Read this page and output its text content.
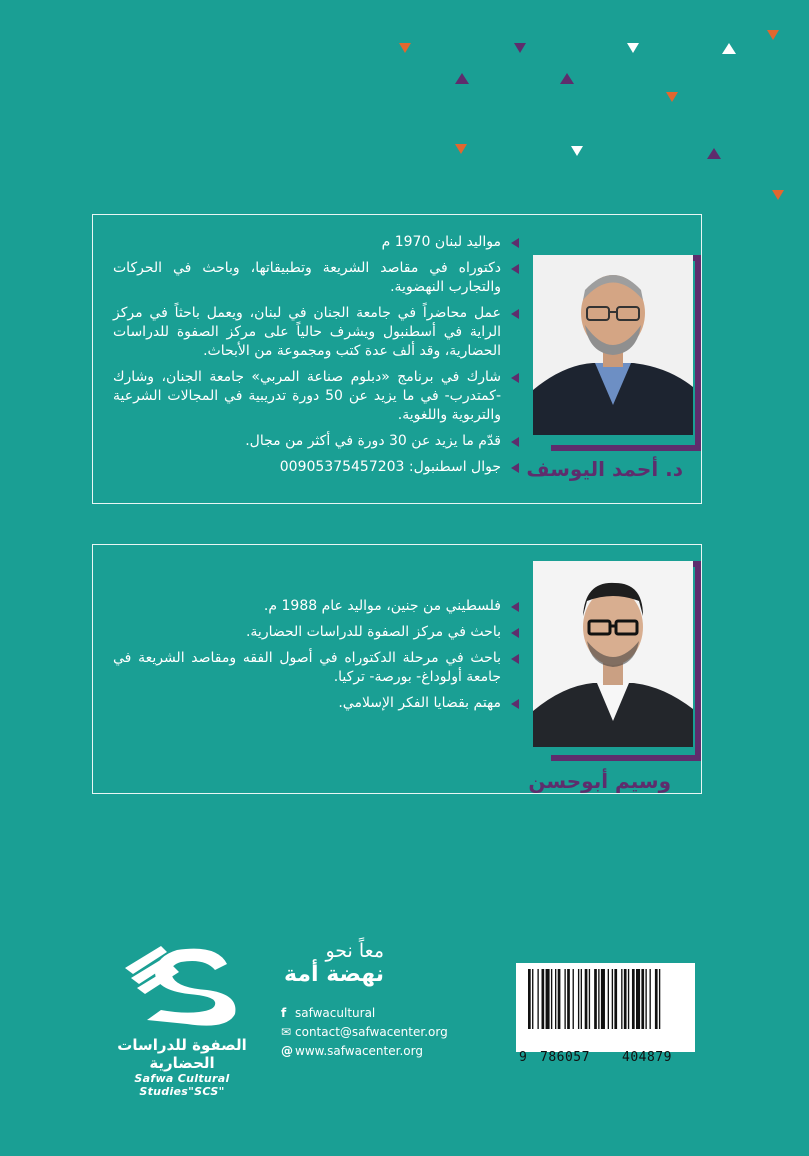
د. أحمد اليوسف
مواليد لبنان 1970 م
دكتوراه في مقاصد الشريعة وتطبيقاتها، وباحث في الحركات والتجارب النهضوية.
عمل محاضراً في جامعة الجنان في لبنان، ويعمل باحثاً في مركز الراية في أسطنبول ويشرف حالياً على مركز الصفوة للدراسات الحضارية، وقد ألف عدة كتب ومجموعة من الأبحاث.
شارك في برنامج «دبلوم صناعة المربي» جامعة الجنان، وشارك -كمتدرب- في ما يزيد عن 50 دورة تدريبية في المجالات الشرعية والتربوية واللغوية.
قدّم ما يزيد عن 30 دورة في أكثر من مجال.
جوال اسطنبول: 00905375457203
وسيم أبوحسن
فلسطيني من جنين، مواليد عام 1988 م.
باحث في مركز الصفوة للدراسات الحضارية.
باحث في مرحلة الدكتوراه في أصول الفقه ومقاصد الشريعة في جامعة أولوداغ- بورصة- تركيا.
مهتم بقضايا الفكر الإسلامي.
الصفوة للدراسات الحضارية
Safwa Cultural Studies"SCS"
معاً نحو
نهضة أمة
f safwacultural
✉ contact@safwacenter.org
@ www.safwacenter.org	9 786057 404879
